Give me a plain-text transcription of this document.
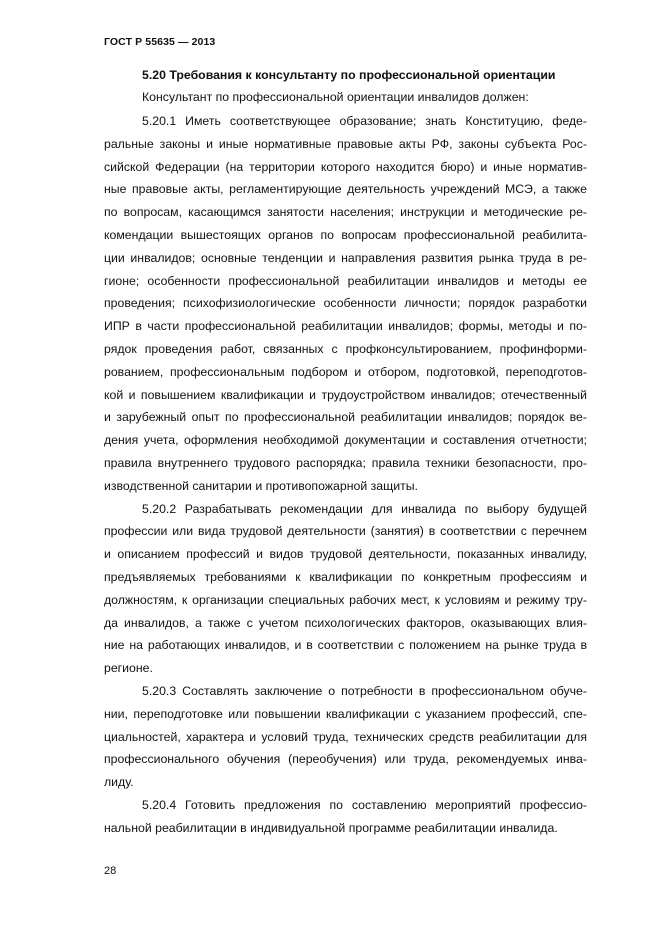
ГОСТ Р 55635 — 2013
5.20 Требования к консультанту по профессиональной ориентации
Консультант по профессиональной ориентации инвалидов должен:
5.20.1 Иметь соответствующее образование; знать Конституцию, феде-
ральные законы и иные нормативные правовые акты РФ, законы субъекта Рос-
сийской Федерации (на территории которого находится бюро) и иные норматив-
ные правовые акты, регламентирующие деятельность учреждений МСЭ, а также
по вопросам, касающимся занятости населения; инструкции и методические ре-
комендации вышестоящих органов по вопросам профессиональной реабилита-
ции инвалидов; основные тенденции и направления развития рынка труда в ре-
гионе; особенности профессиональной реабилитации инвалидов и методы ее
проведения; психофизиологические особенности личности; порядок разработки
ИПР в части профессиональной реабилитации инвалидов; формы, методы и по-
рядок проведения работ, связанных с профконсультированием, профинформи-
рованием, профессиональным подбором и отбором, подготовкой, переподготов-
кой и повышением квалификации и трудоустройством инвалидов; отечественный
и зарубежный опыт по профессиональной реабилитации инвалидов; порядок ве-
дения учета, оформления необходимой документации и составления отчетности;
правила внутреннего трудового распорядка; правила техники безопасности, про-
изводственной санитарии и противопожарной защиты.
5.20.2 Разрабатывать рекомендации для инвалида по выбору будущей
профессии или вида трудовой деятельности (занятия) в соответствии с перечнем
и описанием профессий и видов трудовой деятельности, показанных инвалиду,
предъявляемых требованиями к квалификации по конкретным профессиям и
должностям, к организации специальных рабочих мест, к условиям и режиму тру-
да инвалидов, а также с учетом психологических факторов, оказывающих влия-
ние на работающих инвалидов, и в соответствии с положением на рынке труда в
регионе.
5.20.3 Составлять заключение о потребности в профессиональном обуче-
нии, переподготовке или повышении квалификации с указанием профессий, спе-
циальностей, характера и условий труда, технических средств реабилитации для
профессионального обучения (переобучения) или труда, рекомендуемых инва-
лиду.
5.20.4 Готовить предложения по составлению мероприятий профессио-
нальной реабилитации в индивидуальной программе реабилитации инвалида.
28
